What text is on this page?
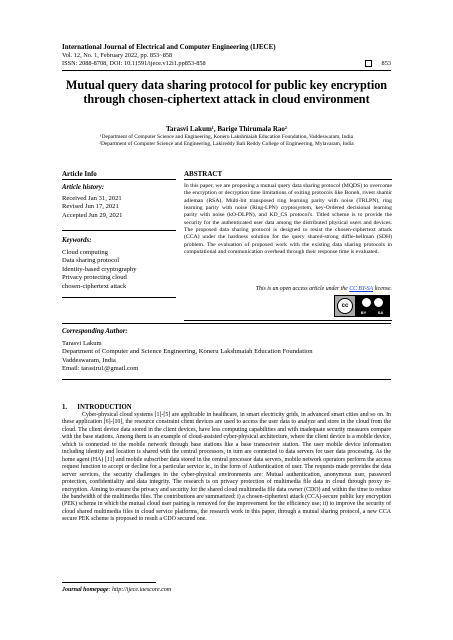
International Journal of Electrical and Computer Engineering (IJECE)
Vol. 12, No. 1, February 2022, pp. 853~858
ISSN: 2088-8708, DOI: 10.11591/ijece.v12i1.pp853-858	853
Mutual query data sharing protocol for public key encryption through chosen-ciphertext attack in cloud environment
Tarasvi Lakum¹, Barige Thirumala Rao²
¹Department of Computer Science and Engineering, Koneru Lakshmaiah Education Foundation, Vaddeswaram, India
²Department of Computer Science and Engineering, Lakireddy Bali Reddy College of Engineering, Mylavaram, India
Article Info	ABSTRACT
Article history:
Received Jan 31, 2021
Revised Jun 17, 2021
Accepted Jun 29, 2021
Keywords:
Cloud computing
Data sharing protocol
Identity-based cryptography
Privacy protecting cloud
chosen-ciphertext attack
In this paper, we are proposing a mutual query data sharing protocol (MQDS) to overcome the encryption or decryption time limitations of exiting protocols like Boneh, rivest shamir adleman (RSA), Multi-bit transposed ring learning parity with noise (TRLPN), ring learning parity with noise (Ring-LPN) cryptosystem, key-Ordered decisional learning parity with noise (kO-DLPN), and KD_CS protocol's. Titled scheme is to provide the security for the authenticated user data among the distributed physical users and devices. The proposed data sharing protocol is designed to resist the chosen-ciphertext attack (CCA) under the hardness solution for the query shared-strong diffie-hellman (SDH) problem. The evaluation of proposed work with the existing data sharing protocols in computational and communication overhead through their response time is evaluated.
This is an open access article under the CC BY-SA license.
cc
BY	SA
Corresponding Author:
Tarasvi Lakum
Department of Computer and Science Engineering, Koneru Lakshmaiah Education Foundation
Vaddeswaram, India
Email: tarasiru1@gmail.com
1.      INTRODUCTION

Cyber-physical cloud systems [1]-[5] are applicable in healthcare, in smart electricity grids, in advanced smart cities and so on. In these application [6]-[10], the resource constraint client devices are used to access the user data to analyze and store in the cloud from the cloud. The client device data stored in the client devices, have less computing capabilities and with inadequate security measures compare with the base stations. Among them is an example of cloud-assisted cyber-physical architecture, where the client device is a mobile device, which is connected to the mobile network through base stations like a base transceiver station. The user mobile device information including identity and location is shared with the central processors, in turn are connected to data servers for user data processing. As the home agent (HA) [11] and mobile subscriber data stored in the central processor data servers, mobile network operators perform the access request function to accept or decline for a particular service ie., in the form of Authentication of user. The requests made provides the data server services, the security challenges in the cyber-physical environments are: Mutual authentication, anonymous user, password protection, confidentiality and data integrity. The research is on privacy protection of multimedia file data in cloud through proxy re-encryption. Aiming to ensure the privacy and security for the shared cloud multimedia file data owner (CDO) and within the time to reduce the bandwidth of the multimedia files. The contributions are summarized: i) a chosen-ciphertext attack (CCA)-secure public key encryption (PEK) scheme in which the mutual cloud user pairing is removed for the improvement for the efficiency use; ii) to improve the security of cloud shared multimedia files in cloud service platforms, the research work in this paper, through a mutual sharing protocol, a new CCA secure PEK scheme is proposed to result a CDO secured one.

Journal homepage: http://ijece.iaescore.com
